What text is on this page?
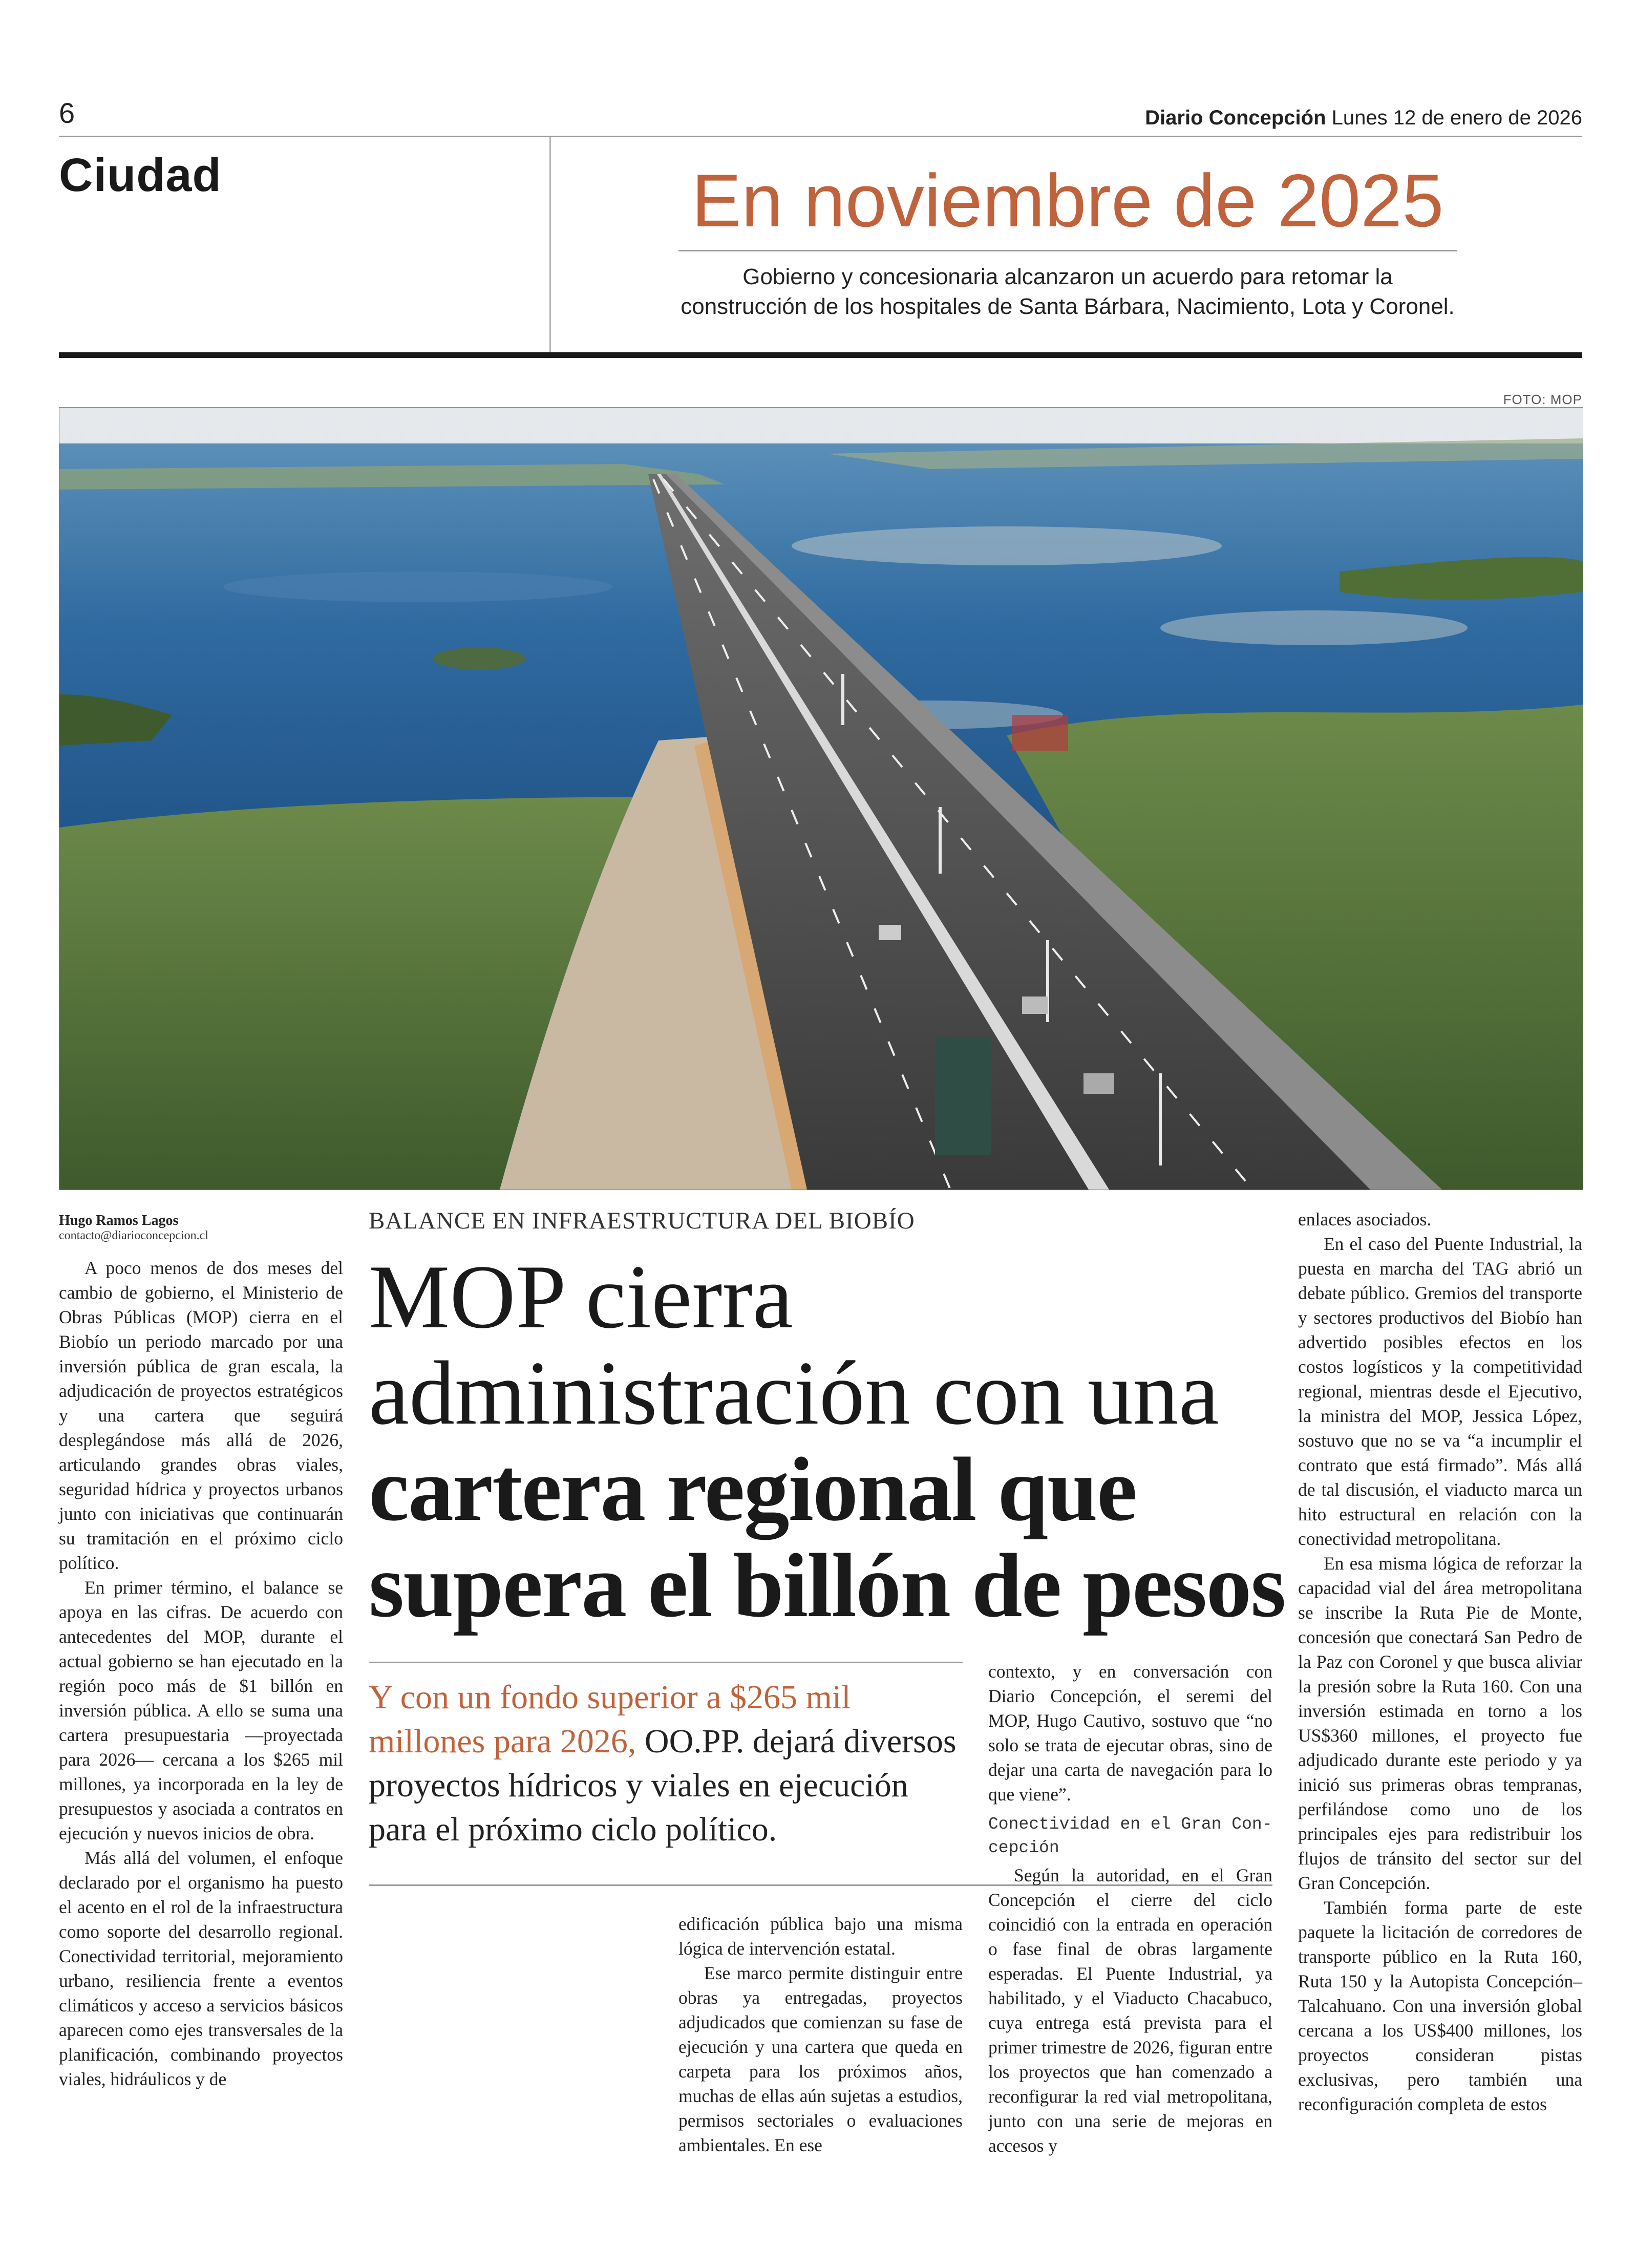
6	Diario Concepción Lunes 12 de enero de 2026
Ciudad	En noviembre de 2025
Gobierno y concesionaria alcanzaron un acuerdo para retomar la
construcción de los hospitales de Santa Bárbara, Nacimiento, Lota y Coronel.
FOTO: MOP
Hugo Ramos Lagos
contacto@diarioconcepcion.cl

A poco menos de dos meses del cambio de gobierno, el Ministerio de Obras Públicas (MOP) cierra en el Biobío un periodo marcado por una inversión pública de gran escala, la adjudicación de proyectos estratégicos y una cartera que seguirá desplegándose más allá de 2026, articulando grandes obras viales, seguridad hídrica y proyectos urbanos junto con iniciativas que continuarán su tramitación en el próximo ciclo político.

En primer término, el balance se apoya en las cifras. De acuerdo con antecedentes del MOP, durante el actual gobierno se han ejecutado en la región poco más de $1 billón en inversión pública. A ello se suma una cartera presupuestaria —proyectada para 2026— cercana a los $265 mil millones, ya incorporada en la ley de presupuestos y asociada a contratos en ejecución y nuevos inicios de obra.

Más allá del volumen, el enfoque declarado por el organismo ha puesto el acento en el rol de la infraestructura como soporte del desarrollo regional. Conectividad territorial, mejoramiento urbano, resiliencia frente a eventos climáticos y acceso a servicios básicos aparecen como ejes transversales de la planificación, combinando proyectos viales, hidráulicos y de

BALANCE EN INFRAESTRUCTURA DEL BIOBÍO
MOP cierra
administración con una
cartera regional que
supera el billón de pesos
Y con un fondo superior a $265 mil millones para 2026, OO.PP. dejará diversos proyectos hídricos y viales en ejecución para el próximo ciclo político.

edificación pública bajo una misma lógica de intervención estatal.

Ese marco permite distinguir entre obras ya entregadas, proyectos adjudicados que comienzan su fase de ejecución y una cartera que queda en carpeta para los próximos años, muchas de ellas aún sujetas a estudios, permisos sectoriales o evaluaciones ambientales. En ese

contexto, y en conversación con Diario Concepción, el seremi del MOP, Hugo Cautivo, sostuvo que “no solo se trata de ejecutar obras, sino de dejar una carta de navegación para lo que viene”.

Conectividad en el Gran Concepción

Según la autoridad, en el Gran Concepción el cierre del ciclo coincidió con la entrada en operación o fase final de obras largamente esperadas. El Puente Industrial, ya habilitado, y el Viaducto Chacabuco, cuya entrega está prevista para el primer trimestre de 2026, figuran entre los proyectos que han comenzado a reconfigurar la red vial metropolitana, junto con una serie de mejoras en accesos y

enlaces asociados.

En el caso del Puente Industrial, la puesta en marcha del TAG abrió un debate público. Gremios del transporte y sectores productivos del Biobío han advertido posibles efectos en los costos logísticos y la competitividad regional, mientras desde el Ejecutivo, la ministra del MOP, Jessica López, sostuvo que no se va “a incumplir el contrato que está firmado”. Más allá de tal discusión, el viaducto marca un hito estructural en relación con la conectividad metropolitana.

En esa misma lógica de reforzar la capacidad vial del área metropolitana se inscribe la Ruta Pie de Monte, concesión que conectará San Pedro de la Paz con Coronel y que busca aliviar la presión sobre la Ruta 160. Con una inversión estimada en torno a los US$360 millones, el proyecto fue adjudicado durante este periodo y ya inició sus primeras obras tempranas, perfilándose como uno de los principales ejes para redistribuir los flujos de tránsito del sector sur del Gran Concepción.

También forma parte de este paquete la licitación de corredores de transporte público en la Ruta 160, Ruta 150 y la Autopista Concepción–Talcahuano. Con una inversión global cercana a los US$400 millones, los proyectos consideran pistas exclusivas, pero también una reconfiguración completa de estos
